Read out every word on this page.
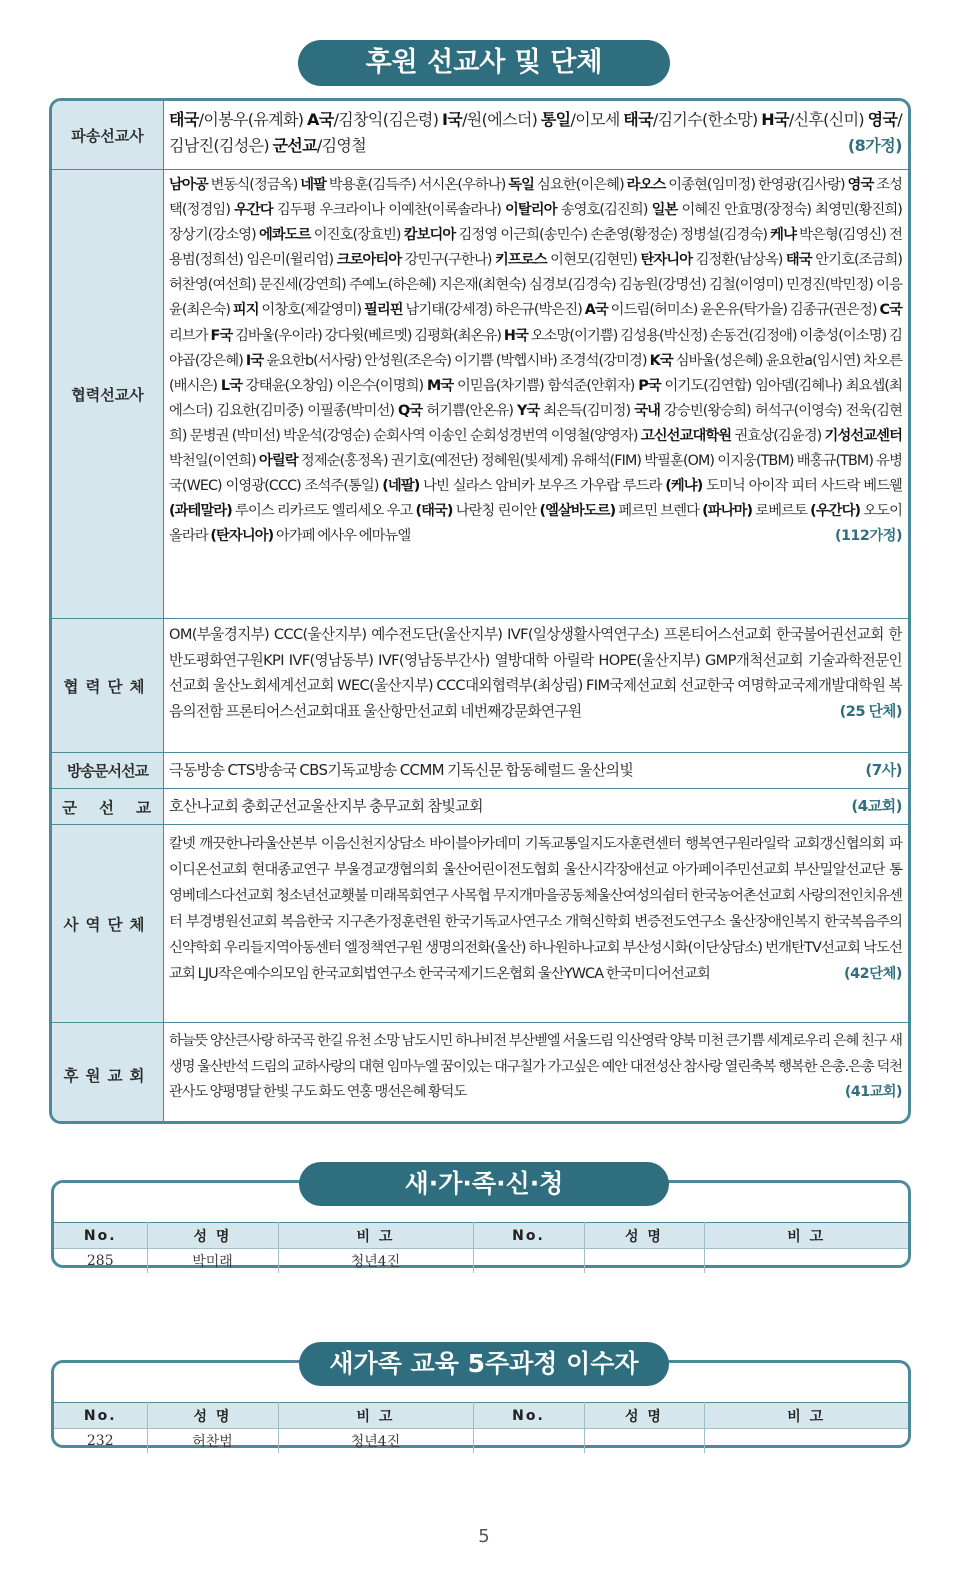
후원 선교사 및 단체
파송선교사
태국/이봉우(유계화) A국/김창익(김은령) I국/원(에스더) 통일/이모세 태국/김기수(한소망) H국/신후(신미) 영국/김남진(김성은) 군선교/김영철	(8가정)
협력선교사
남아공 변동식(정금옥) 네팔 박용훈(김득주) 서시온(우하나) 독일 심요한(이은혜) 라오스 이종현(임미정) 한영광(김사랑) 영국 조성택(정경임) 우간다 김두평 우크라이나 이예찬(이록솔라나) 이탈리아 송영호(김진희) 일본 이혜진 안효명(장정숙) 최영민(황진희) 장상기(강소영) 에콰도르 이진호(장효빈) 캄보디아 김정영 이근희(송민수) 손춘영(황정순) 정병설(김경숙) 케냐 박은형(김영신) 전용범(정희선) 임은미(윌리엄) 크로아티아 강민구(구한나) 키프로스 이현모(김현민) 탄자니아 김정환(남상옥) 태국 안기호(조금희) 허찬영(여선희) 문진세(강연희) 주예노(하은혜) 지은재(최현숙) 심경보(김경숙) 김농원(강명선) 김철(이영미) 민경진(박민정) 이응윤(최은숙) 피지 이창호(제갈영미) 필리핀 남기태(강세경) 하은규(박은진) A국 이드림(허미소) 윤온유(탁가을) 김종규(권은정) C국 리브가 F국 김바울(우이라) 강다윗(베르멧) 김평화(최온유) H국 오소망(이기쁨) 김성용(박신정) 손동건(김정애) 이충성(이소명) 김야곱(강은혜) I국 윤요한b(서사랑) 안성원(조은숙) 이기쁨 (박헵시바) 조경석(강미경) K국 심바울(성은혜) 윤요한a(임시연) 차오른(배시은) L국 강태윤(오창임) 이은수(이명희) M국 이믿음(차기쁨) 함석준(안휘자) P국 이기도(김연합) 임아뎀(김혜나) 최요셉(최에스더) 김요한(김미중) 이필종(박미선) Q국 허기쁨(안온유) Y국 최은득(김미정) 국내 강승빈(왕승희) 허석구(이영숙) 전욱(김현희) 문병권 (박미선) 박운석(강영순) 순회사역 이송인 순회성경번역 이영철(양영자) 고신선교대학원 권효상(김윤경) 기성선교센터 박천일(이연희) 아릴락 정제순(홍정옥) 권기호(예전단) 정혜원(빛세계) 유해석(FIM) 박필훈(OM) 이지웅(TBM) 배홍규(TBM) 유병국(WEC) 이영광(CCC) 조석주(통일) (네팔) 나빈 실라스 암비카 보우즈 가우랍 루드라 (케냐) 도미닉 아이작 피터 사드락 베드웰 (과테말라) 루이스 리카르도 엘리세오 우고 (태국) 나란칭 린이안 (엘살바도르) 페르민 브렌다 (파나마) 로베르토 (우간다) 오도이 올라라 (탄자니아) 아가페 에사우 에마뉴엘	(112가정)
협력단체
OM(부울경지부) CCC(울산지부) 예수전도단(울산지부) IVF(일상생활사역연구소) 프론티어스선교회 한국불어권선교회 한반도평화연구원KPI IVF(영남동부) IVF(영남동부간사) 열방대학 아릴락 HOPE(울산지부) GMP개척선교회 기술과학전문인선교회 울산노회세계선교회 WEC(울산지부) CCC대외협력부(최상림) FIM국제선교회 선교한국 여명학교국제개발대학원 복음의전함 프론티어스선교회대표 울산항만선교회 네번째강문화연구원	(25 단체)
방송문서선교	극동방송 CTS방송국 CBS기독교방송 CCMM 기독신문 합동헤럴드 울산의빛	(7사)
군선교
호산나교회 충회군선교울산지부 충무교회 참빛교회	(4교회)
사역단체
칼넷 깨끗한나라울산본부 이음신천지상담소 바이블아카데미 기독교통일지도자훈련센터 행복연구원라일락 교회갱신협의회 파이디온선교회 현대종교연구 부울경교갱협의회 울산어린이전도협회 울산시각장애선교 아가페이주민선교회 부산밀알선교단 통영베데스다선교회 청소년선교횃불 미래목회연구 사목협 무지개마을공동체울산여성의쉼터 한국농어촌선교회 사랑의전인치유센터 부경병원선교회 복음한국 지구촌가정훈련원 한국기독교사연구소 개혁신학회 변증전도연구소 울산장애인복지 한국복음주의신약학회 우리들지역아동센터 엘정책연구원 생명의전화(울산) 하나원하나교회 부산성시화(이단상담소) 번개탄TV선교회 낙도선교회 LJU작은예수의모임 한국교회법연구소 한국국제기드온협회 울산YWCA 한국미디어선교회	(42단체)
후원교회
하늘뜻 양산큰사랑 하국곡 한길 유천 소망 남도시민 하나비전 부산벧엘 서울드림 익산영락 양북 미천 큰기쁨 세계로우리 은혜 친구 새생명 울산반석 드림의 교하사랑의 대현 임마누엘 꿈이있는 대구칠가 가고싶은 예안 대전성산 참사랑 열린축복 행복한 은총.은총 덕천 관사도 양평명달 한빛 구도 화도 연홍 맹선은혜 황덕도	(41교회)
No.	성 명	비 고	No.	성 명	비 고
285	박미래	청년4진			
새·가·족·신·청
No.	성 명	비 고	No.	성 명	비 고
232	허찬범	청년4진			
새가족 교육 5주과정 이수자
5
